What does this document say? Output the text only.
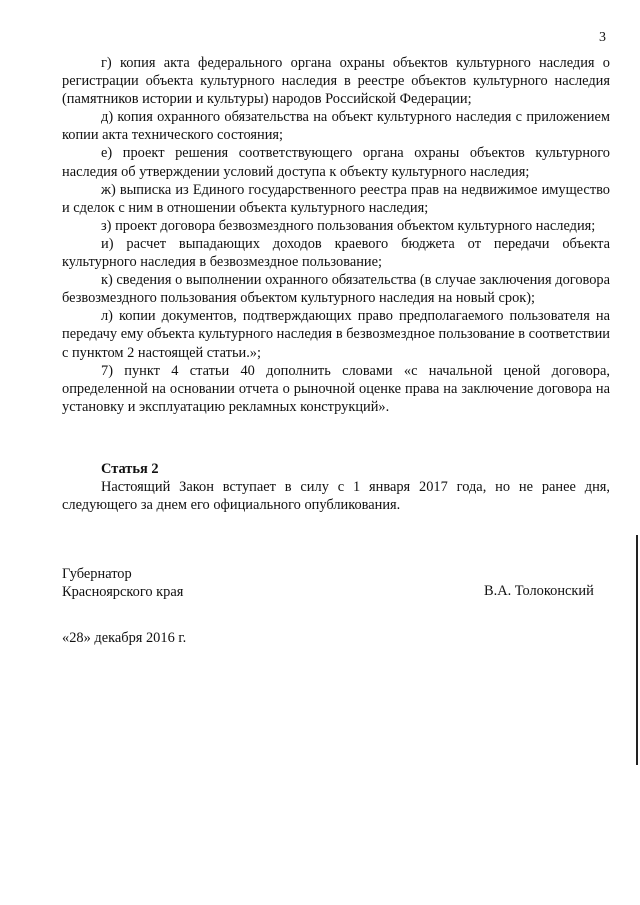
3

г) копия акта федерального органа охраны объектов культурного наследия о регистрации объекта культурного наследия в реестре объектов культурного наследия (памятников истории и культуры) народов Российской Федерации;

д) копия охранного обязательства на объект культурного наследия с приложением копии акта технического состояния;

е) проект решения соответствующего органа охраны объектов культурного наследия об утверждении условий доступа к объекту культурного наследия;

ж) выписка из Единого государственного реестра прав на недвижимое имущество и сделок с ним в отношении объекта культурного наследия;

з) проект договора безвозмездного пользования объектом культурного наследия;

и) расчет выпадающих доходов краевого бюджета от передачи объекта культурного наследия в безвозмездное пользование;

к) сведения о выполнении охранного обязательства (в случае заключения договора безвозмездного пользования объектом культурного наследия на новый срок);

л) копии документов, подтверждающих право предполагаемого пользователя на передачу ему объекта культурного наследия в безвозмездное пользование в соответствии с пунктом 2 настоящей статьи.»;

7) пункт 4 статьи 40 дополнить словами «с начальной ценой договора, определенной на основании отчета о рыночной оценке права на заключение договора на установку и эксплуатацию рекламных конструкций».

Статья 2

Настоящий Закон вступает в силу с 1 января 2017 года, но не ранее дня, следующего за днем его официального опубликования.

Губернатор
Красноярского края	В.А. Толоконский
«28» декабря 2016 г.
